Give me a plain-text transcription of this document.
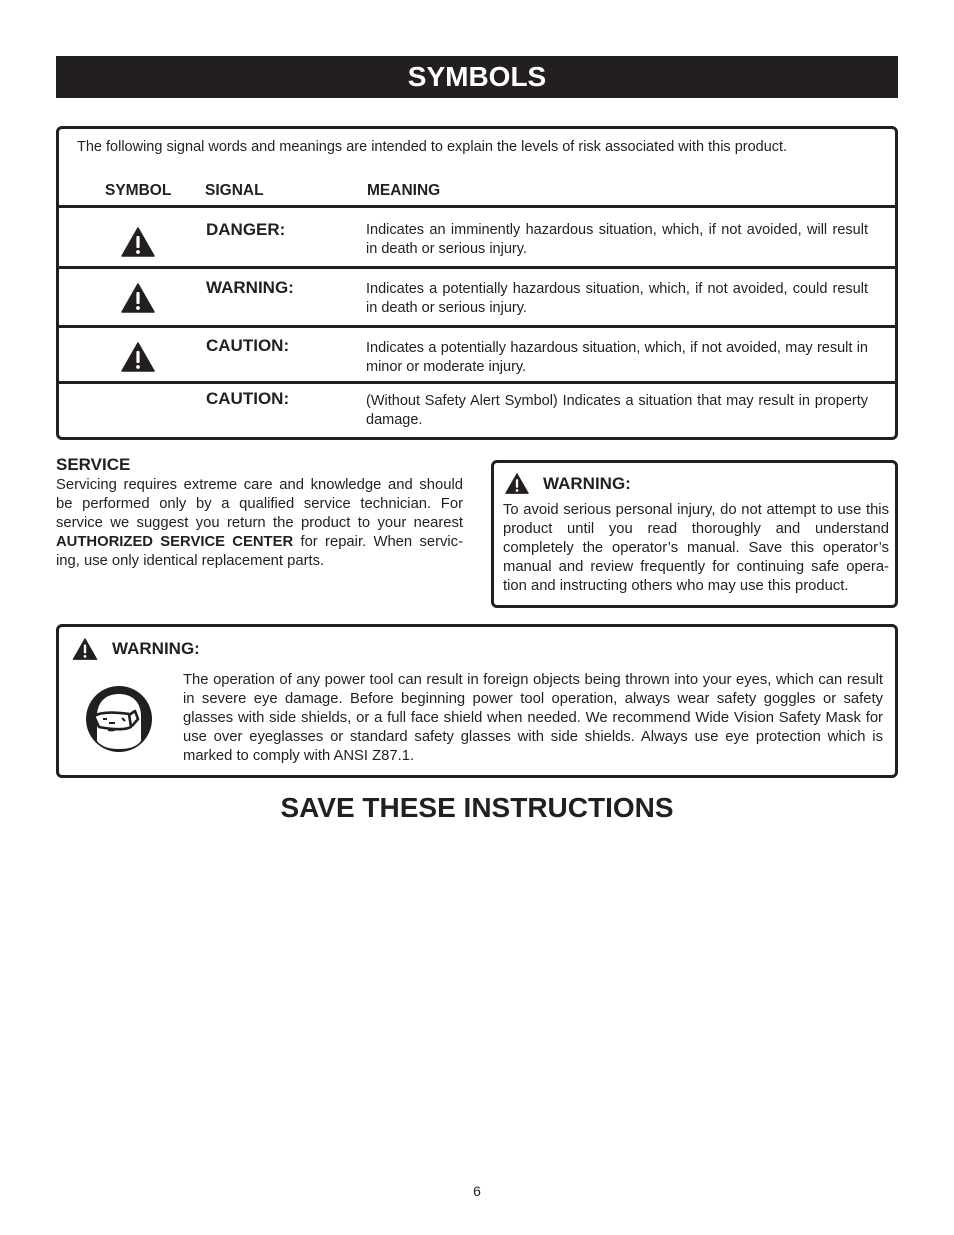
SYMBOLS
The following signal words and meanings are intended to explain the levels of risk associated with this product.
SYMBOL SIGNAL	MEANING
DANGER:	Indicates an imminently hazardous situation, which, if not avoided, will result in death or serious injury.
WARNING:	Indicates a potentially hazardous situation, which, if not avoided, could result in death or serious injury.
CAUTION:	Indicates a potentially hazardous situation, which, if not avoided, may result in minor or moderate injury.
CAUTION:	(Without Safety Alert Symbol) Indicates a situation that may result in property damage.
SERVICE
Servicing requires extreme care and knowledge and should be performed only by a qualified service technician. For service we suggest you return the product to your nearest AUTHORIZED SERVICE CENTER for repair. When servic-ing, use only identical replacement parts.
WARNING:
To avoid serious personal injury, do not attempt to use this product until you read thoroughly and understand completely the operator’s manual. Save this operator’s manual and review frequently for continuing safe opera-tion and instructing others who may use this product.
WARNING:
The operation of any power tool can result in foreign objects being thrown into your eyes, which can result in severe eye damage. Before beginning power tool operation, always wear safety goggles or safety glasses with side shields, or a full face shield when needed. We recommend Wide Vision Safety Mask for use over eyeglasses or standard safety glasses with side shields. Always use eye protection which is marked to comply with ANSI Z87.1.
SAVE THESE INSTRUCTIONS
6
